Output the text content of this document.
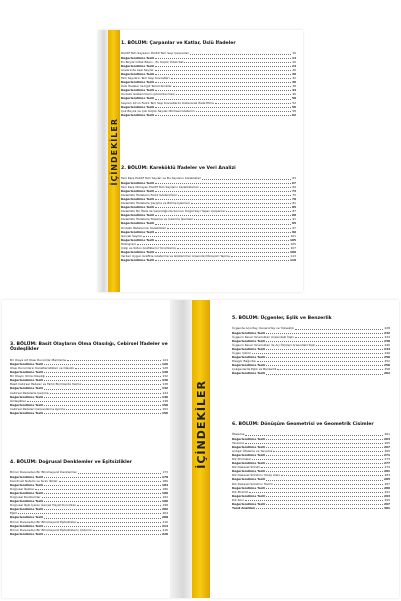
İÇİNDEKİLER
1. BÖLÜM: Çarpanlar ve Katlar, Üslü İfadeler
Pozitif Tam Sayıların Pozitif Tam Sayı Çarpanları	10
Değerlendirme Testi	14
En Büyük Ortak Bölen - En Küçük Ortak Kat	20
Değerlendirme Testi	24
Aralarında Asal Sayılar	26
Değerlendirme Testi	30
Tam Sayıların Tam Sayı Kuvvetleri	32
Değerlendirme Testi	36
Üslü İfadeler ile İlgili Temel Kurallar	38
Değerlendirme Testi	44
Ondalık Gösterimlerin Çözümlenmesi	46
Değerlendirme Testi	50
Sayıları 10'un Farklı Tam Sayı Kuvvetlerini Kullanarak İfade Etme	52
Değerlendirme Testi	56
Çok Büyük ve Çok Küçük Sayıları Bilimsel Gösterim	58
Değerlendirme Testi	62
2. BÖLÜM: Kareköklü İfadeler ve Veri Analizi
Tam Kare Pozitif Tam Sayılar ve Bu Sayıların Karekökleri	63
Değerlendirme Testi	67
Tam Kare Olmayan Pozitif Tam Sayıların Kareköklerleri	69
Değerlendirme Testi	73
Kareköklü İfadelerin Farklı Gösterimleri	75
Değerlendirme Testi	79
Kareköklü İfadelerle Çarpma ve Bölme İşlemleri	81
Değerlendirme Testi	85
Kareköklü Bir İfade ile Çarpıldığında Sonucu Doğal Sayı Yapan Çarpanlar	87
Değerlendirme Testi	89
Kareköklü İfadelerle Toplama ve Çıkarma İşlemleri	91
Değerlendirme Testi	95
Ondalık İfadelerinin Karekökleri	97
Değerlendirme Testi	99
Gerçek Sayılar	101
Değerlendirme Testi	105
Histogram	105
Çizgi ve Sütun Grafiklerini Yorumlama	107
Değerlendirme Testi	109
Verileri Uygun Grafikle Gösterme ve Gösterimler Arasında Dönüşüm Yapma	113
Değerlendirme Testi	119
İÇİNDEKİLER
3. BÖLÜM: Basit Olayların Olma Olasılığı, Cebirsel İfadeler ve Özdeşlikler
Bir Olaya Ait Olası Durumları Belirleme	124
Değerlendirme Testi	126
Olası Durumların Karakteristikleri ve Olasılık	128
Değerlendirme Testi	130
Bir Olayın Olma Olasılığı	132
Değerlendirme Testi	136
Basit Cebirsel İfadeler ve Farklı Biçimlerde Yazma	138
Değerlendirme Testi	142
Cebirsel İfadelerle Çarpma	144
Değerlendirme Testi	146
Özdeşlikler	148
Değerlendirme Testi	150
Cebirsel İfadeleri Çarpanlarına Ayırma	152
Değerlendirme Testi	156
4. BÖLÜM: Doğrusal Denklemler ve Eşitsizlikler
Birinci Dereceden Bir Bilinmeyenli Denklemler	173
Değerlendirme Testi	178
Koordinat Sistemi ve Sıralı İkililer	180
Değerlendirme Testi	184
Doğrusal İlişkiler	186
Değerlendirme Testi	190
Doğrusal Denklemler	192
Değerlendirme Testi	196
Doğrusal İlişki İçeren Gerçek Hayat Durumları	198
Değerlendirme Testi	202
Eğim	204
Değerlendirme Testi	208
Birinci Dereceden Bir Bilinmeyenli Eşitsizlikler	210
Değerlendirme Testi	214
Birinci Dereceden Bir Bilinmeyenli Eşitsizliklerin Çözümü	216
Değerlendirme Testi	220
5. BÖLÜM: Üçgenler, Eşlik ve Benzerlik
Üçgende Açıortay, Kenarortay ve Yükseklik	228
Değerlendirme Testi	232
Üçgenin Kenar Uzunlukları Arasındaki İlişki	234
Değerlendirme Testi	238
Üçgenin Kenar Uzunlukları ile Açı Ölçüleri Arasındaki İlişki	240
Değerlendirme Testi	244
Üçgen Çizimi	246
Değerlendirme Testi	250
Pisagor Bağıntısı	252
Değerlendirme Testi	256
Çokgenlerde Eşlik ve Benzerlik	258
Değerlendirme Testi	262
6. BÖLÜM: Dönüşüm Geometrisi ve Geometrik Cisimler
Öteleme	261
Değerlendirme Testi	263
Yansıma	265
Değerlendirme Testi	267
Ardışık Öteleme ve Yansıma	269
Değerlendirme Testi	271
Dik Prizmalar	273
Değerlendirme Testi	277
Dik Dairesel Silindir	279
Değerlendirme Testi	281
Dik Dairesel Silindirin Yüzey Alanı	283
Değerlendirme Testi	285
Dik Dairesel Silindirin Hacmi	287
Değerlendirme Testi	289
Dik Piramit	291
Değerlendirme Testi	293
Dik Koni	295
Değerlendirme Testi	297
Yanıt Anahtarı	301
